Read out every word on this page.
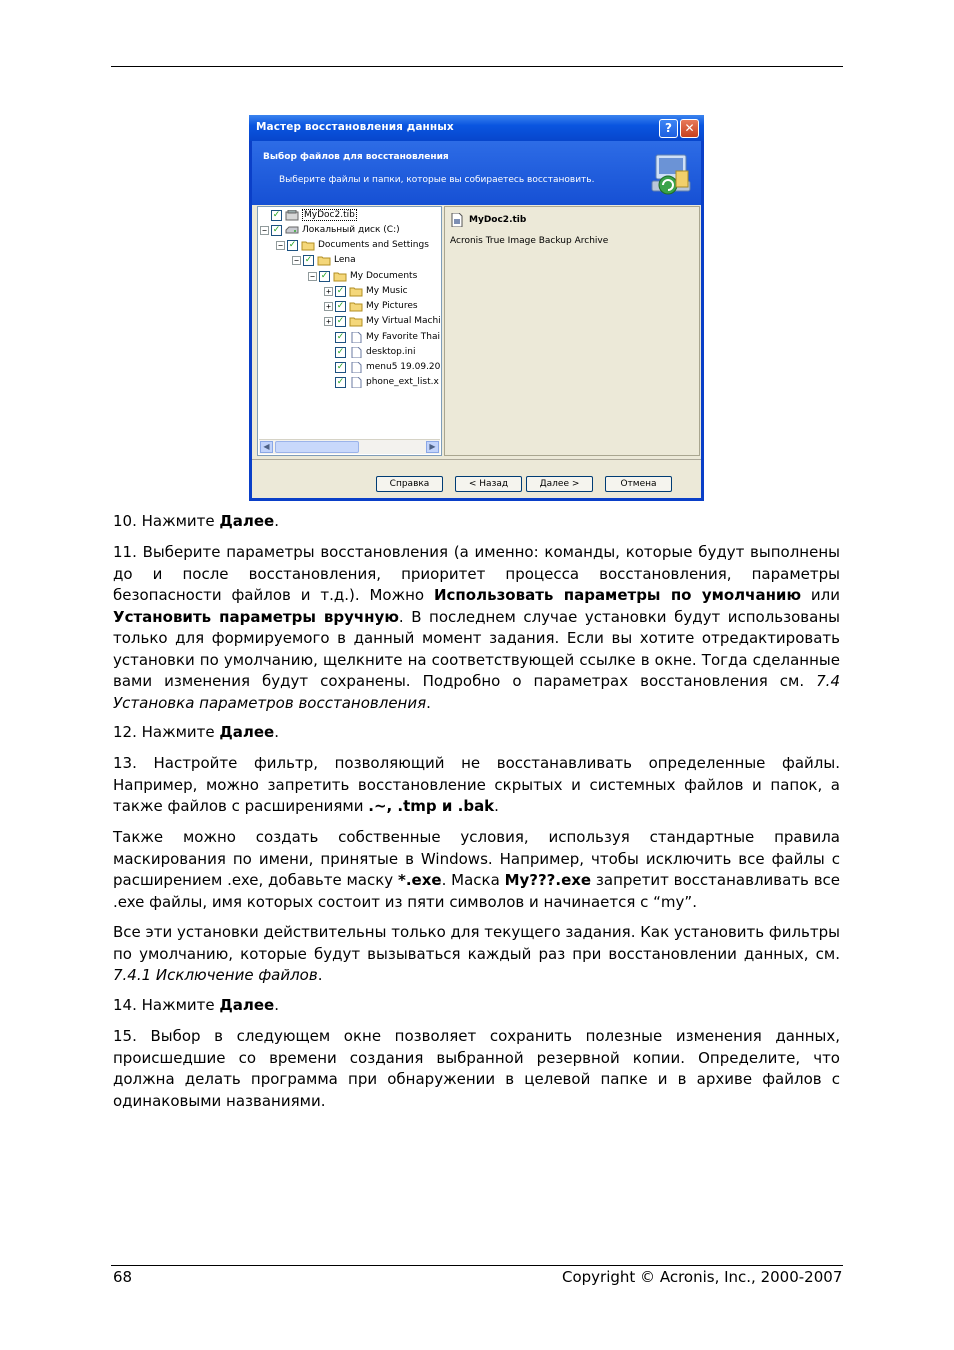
Мастер восстановления данных	?	✕
Выбор файлов для восстановления
Выберите файлы и папки, которые вы собираетесь восстановить.
✓	MyDoc2.tib
− ✓ Локальный диск (C:)
− ✓ Documents and Settings
− ✓ Lena
− ✓ My Documents
+ ✓ My Music
+ ✓ My Pictures
+ ✓ My Virtual Machi
✓ My Favorite Thai
✓ desktop.ini
✓ menu5 19.09.20
✓ phone_ext_list.x
◀	▶
MyDoc2.tib
Acronis True Image Backup Archive
Справка	< Назад	Далее >	Отмена
10. Нажмите Далее.
11. Выберите параметры восстановления (а именно: команды, которые будут выполнены до и после восстановления, приоритет процесса восстановления, параметры безопасности файлов и т.д.). Можно Использовать параметры по умолчанию или Установить параметры вручную. В последнем случае установки будут использованы только для формируемого в данный момент задания. Если вы хотите отредактировать установки по умолчанию, щелкните на соответствующей ссылке в окне. Тогда сделанные вами изменения будут сохранены. Подробно о параметрах восстановления см. 7.4 Установка параметров восстановления.
12. Нажмите Далее.
13. Настройте фильтр, позволяющий не восстанавливать определенные файлы. Например, можно запретить восстановление скрытых и системных файлов и папок, а также файлов с расширениями .~, .tmp и .bak.
Также можно создать собственные условия, используя стандартные правила маскирования по имени, принятые в Windows. Например, чтобы исключить все файлы с расширением .exe, добавьте маску *.exe. Маска My???.exe запретит восстанавливать все .exe файлы, имя которых состоит из пяти символов и начинается с “my”.
Все эти установки действительны только для текущего задания. Как установить фильтры по умолчанию, которые будут вызываться каждый раз при восстановлении данных, см. 7.4.1 Исключение файлов.
14. Нажмите Далее.
15. Выбор в следующем окне позволяет сохранить полезные изменения данных, происшедшие со времени создания выбранной резервной копии. Определите, что должна делать программа при обнаружении в целевой папке и в архиве файлов с одинаковыми названиями.
68	Copyright © Acronis, Inc., 2000-2007
